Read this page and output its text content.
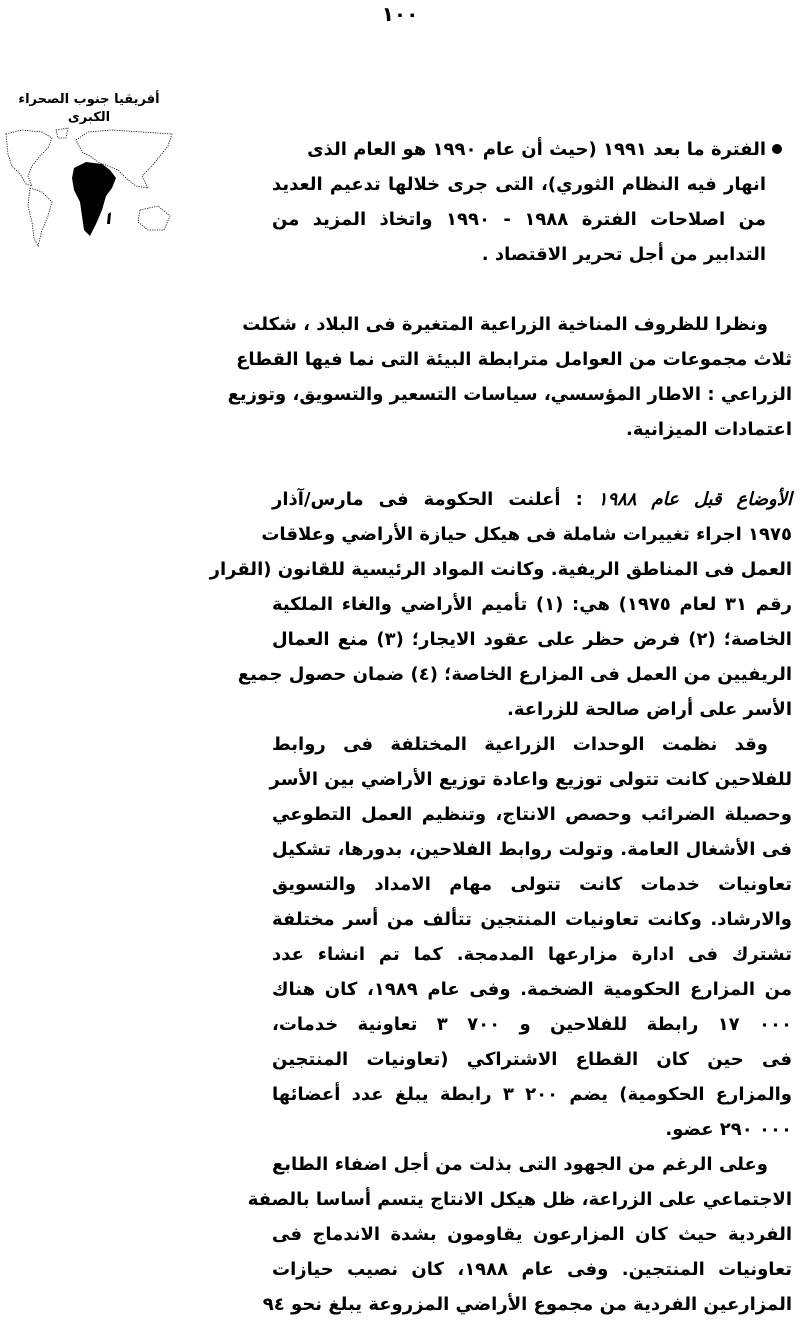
١٠٠
أفريقيا جنوب الصحراء
الكبرى
الفترة ما بعد ١٩٩١ (حيث أن عام ١٩٩٠ هو العام الذى
انهار فيه النظام الثوري)، التى جرى خلالها تدعيم العديد
من اصلاحات الفترة ١٩٨٨ - ١٩٩٠ واتخاذ المزيد من
التدابير من أجل تحرير الاقتصاد .
ونظرا للظروف المناخية الزراعية المتغيرة فى البلاد ، شكلت
ثلاث مجموعات من العوامل مترابطة البيئة التى نما فيها القطاع
الزراعي : الاطار المؤسسي، سياسات التسعير والتسويق، وتوزيع
اعتمادات الميزانية.
الأوضاع قبل عام ١٩٨٨ : أعلنت الحكومة فى مارس/آذار
١٩٧٥ اجراء تغييرات شاملة فى هيكل حيازة الأراضي وعلاقات
العمل فى المناطق الريفية. وكانت المواد الرئيسية للقانون (القرار
رقم ٣١ لعام ١٩٧٥) هي: (١) تأميم الأراضي والغاء الملكية
الخاصة؛ (٢) فرض حظر على عقود الايجار؛ (٣) منع العمال
الريفيين من العمل فى المزارع الخاصة؛ (٤) ضمان حصول جميع
الأسر على أراض صالحة للزراعة.
وقد نظمت الوحدات الزراعية المختلفة فى روابط
للفلاحين كانت تتولى توزيع واعادة توزيع الأراضي بين الأسر
وحصيلة الضرائب وحصص الانتاج، وتنظيم العمل التطوعي
فى الأشغال العامة. وتولت روابط الفلاحين، بدورها، تشكيل
تعاونيات خدمات كانت تتولى مهام الامداد والتسويق
والارشاد. وكانت تعاونيات المنتجين تتألف من أسر مختلفة
تشترك فى ادارة مزارعها المدمجة. كما تم انشاء عدد
من المزارع الحكومية الضخمة. وفى عام ١٩٨٩، كان هناك
٠٠٠ ١٧ رابطة للفلاحين و ٧٠٠ ٣ تعاونية خدمات،
فى حين كان القطاع الاشتراكي (تعاونيات المنتجين
والمزارع الحكومية) يضم ٢٠٠ ٣ رابطة يبلغ عدد أعضائها
٠٠٠ ٢٩٠ عضو.
وعلى الرغم من الجهود التى بذلت من أجل اضفاء الطابع
الاجتماعي على الزراعة، ظل هيكل الانتاج يتسم أساسا بالصفة
الفردية حيث كان المزارعون يقاومون بشدة الاندماج فى
تعاونيات المنتجين. وفى عام ١٩٨٨، كان نصيب حيازات
المزارعين الفردية من مجموع الأراضي المزروعة يبلغ نحو ٩٤
